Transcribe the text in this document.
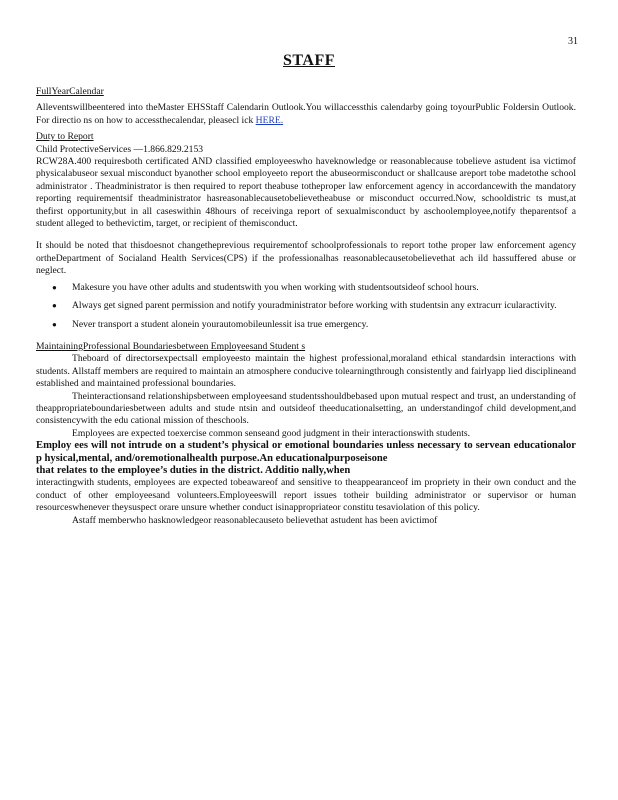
31
STAFF

FullYearCalendar

Alleventswillbeentered into theMaster EHSStaff Calendarin Outlook.You willaccessthis calendarby going toyourPublic Foldersin Outlook. For directio ns on how to accessthecalendar, pleasecl ick HERE.

Duty to Report

Child ProtectiveServices —1.866.829.2153

RCW28A.400 requiresboth certificated AND classified employeeswho haveknowledge or reasonablecause tobelieve astudent isa victimof physicalabuseor sexual misconduct byanother school employeeto report the abuseormisconduct or shallcause areport tobe madetothe school administrator . Theadministrator is then required to report theabuse totheproper law enforcement agency in accordancewith the mandatory reporting requirementsif theadministrator hasreasonablecausetobelievetheabuse or misconduct occurred.Now, schooldistric ts must,at thefirst opportunity,but in all caseswithin 48hours of receivinga report of sexualmisconduct by aschoolemployee,notify theparentsof a student alleged to bethevictim, target, or recipient of themisconduct.

It should be noted that thisdoesnot changetheprevious requirementof schoolprofessionals to report tothe proper law enforcement agency ortheDepartment of Socialand Health Services(CPS) if the professionalhas reasonablecausetobelievethat ach ild hassuffered abuse or neglect.

● Makesure you have other adults and studentswith you when working with studentsoutsideof school hours.
● Always get signed parent permission and notify youradministrator before working with studentsin any extracurr icularactivity.
● Never transport a student alonein yourautomobileunlessit isa true emergency.

MaintainingProfessional Boundariesbetween Employeesand Student s

Theboard of directorsexpectsall employeesto maintain the highest professional,moraland ethical standardsin interactions with students. Allstaff members are required to maintain an atmosphere conducive tolearningthrough consistently and fairlyapp lied disciplineand established and maintained professional boundaries.

Theinteractionsand relationshipsbetween employeesand studentsshouldbebased upon mutual respect and trust, an understanding of theappropriateboundariesbetween adults and stude ntsin and outsideof theeducationalsetting, an understandingof child development,and consistencywith the edu cational mission of theschools.

Employees are expected toexercise common senseand good judgment in their interactionswith students.

Employ ees will not intrude on a student’s physical or emotional boundaries unless necessary to servean educationalor p hysical,mental, and/oremotionalhealth purpose.An educationalpurposeisone

that relates to the employee’s duties in the district. Additio nally,when

interactingwith students, employees are expected tobeawareof and sensitive to theappearanceof im propriety in their own conduct and the conduct of other employeesand volunteers.Employeeswill report issues totheir building administrator or supervisor or human resourceswhenever theysuspect orare unsure whether conduct isinappropriateor constitu tesaviolation of this policy.

Astaff memberwho hasknowledgeor reasonablecauseto believethat astudent has been avictimof
